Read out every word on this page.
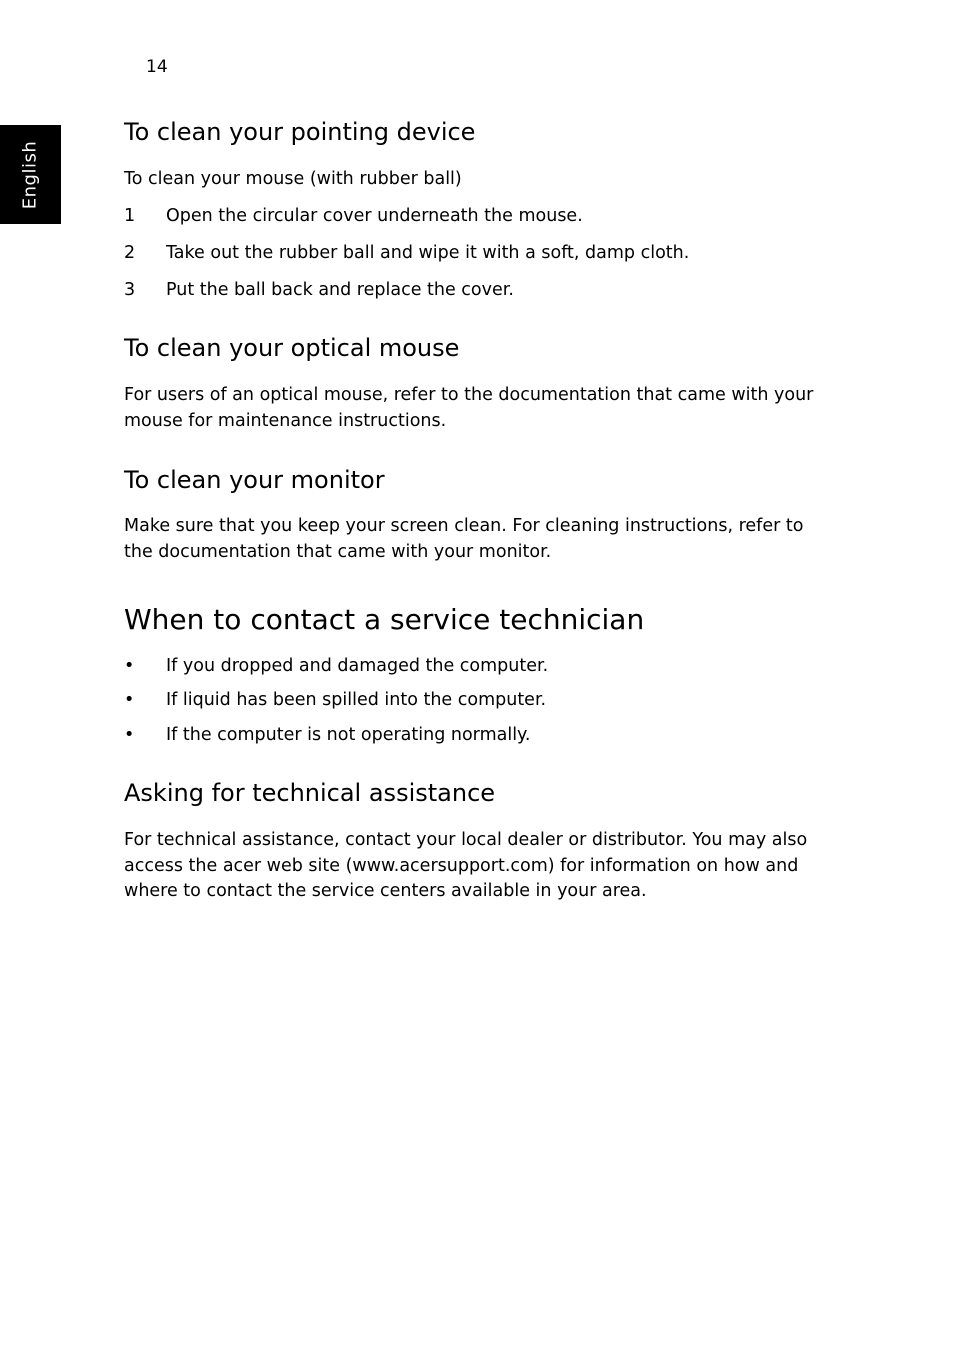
14

English
To clean your pointing device

To clean your mouse (with rubber ball)

1 Open the circular cover underneath the mouse.

2 Take out the rubber ball and wipe it with a soft, damp cloth.

3 Put the ball back and replace the cover.

To clean your optical mouse

For users of an optical mouse, refer to the documentation that came with your mouse for maintenance instructions.

To clean your monitor

Make sure that you keep your screen clean. For cleaning instructions, refer to the documentation that came with your monitor.

When to contact a service technician

• If you dropped and damaged the computer.

• If liquid has been spilled into the computer.

• If the computer is not operating normally.

Asking for technical assistance

For technical assistance, contact your local dealer or distributor. You may also access the acer web site (www.acersupport.com) for information on how and where to contact the service centers available in your area.
